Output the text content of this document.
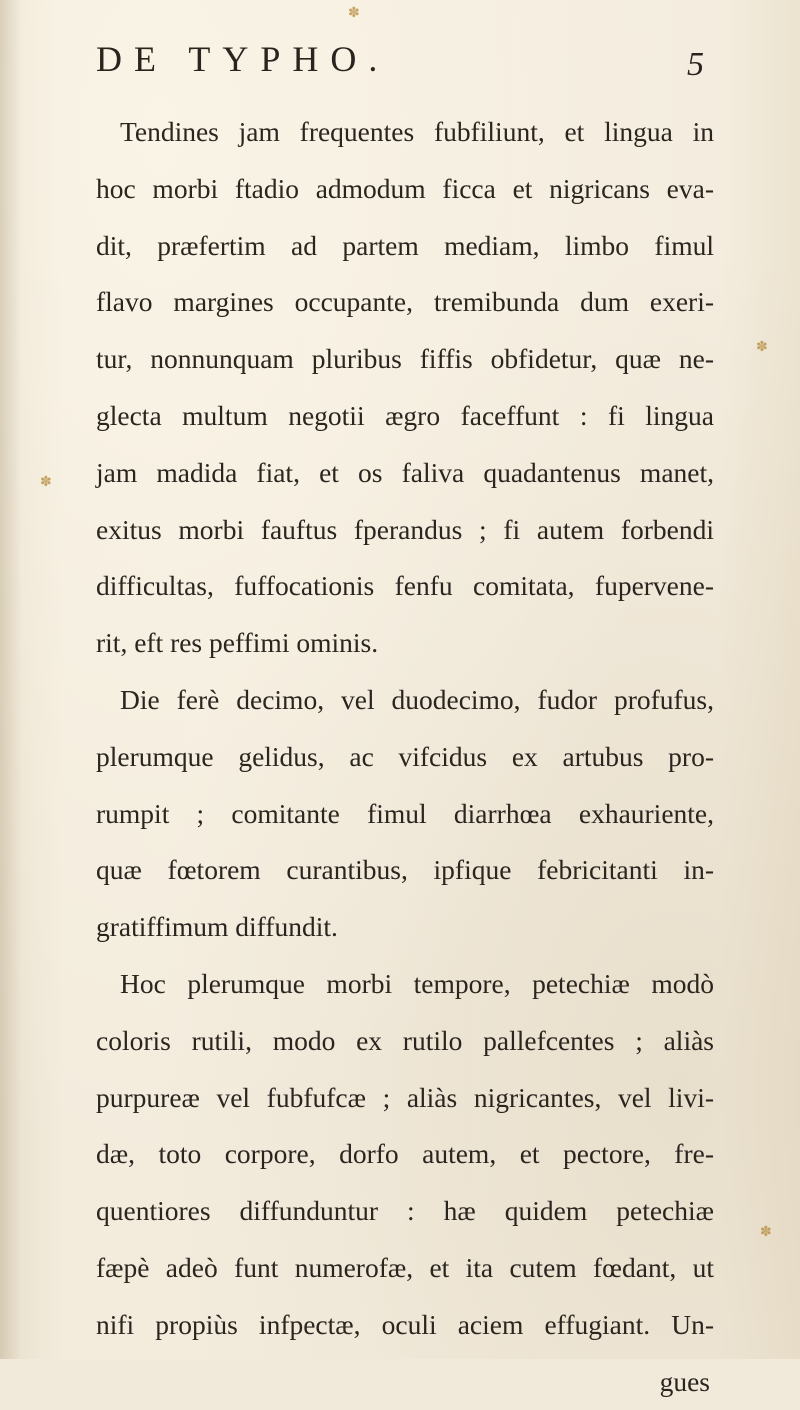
✽
✽
✽
✽
DE TYPHO.	5
Tendines jam frequentes fubfiliunt, et lingua in
hoc morbi ftadio admodum ficca et nigricans eva-
dit, præfertim ad partem mediam, limbo fimul
flavo margines occupante, tremibunda dum exeri-
tur, nonnunquam pluribus fiffis obfidetur, quæ ne-
glecta multum negotii ægro faceffunt : fi lingua
jam madida fiat, et os faliva quadantenus manet,
exitus morbi fauftus fperandus ; fi autem forbendi
difficultas, fuffocationis fenfu comitata, fupervene-
rit, eft res peffimi ominis.
Die ferè decimo, vel duodecimo, fudor profufus,
plerumque gelidus, ac vifcidus ex artubus pro-
rumpit ; comitante fimul diarrhœa exhauriente,
quæ fœtorem curantibus, ipfique febricitanti in-
gratiffimum diffundit.
Hoc plerumque morbi tempore, petechiæ modò
coloris rutili, modo ex rutilo pallefcentes ; aliàs
purpureæ vel fubfufcæ ; aliàs nigricantes, vel livi-
dæ, toto corpore, dorfo autem, et pectore, fre-
quentiores diffunduntur : hæ quidem petechiæ
fæpè adeò funt numerofæ, et ita cutem fœdant, ut
nifi propiùs infpectæ, oculi aciem effugiant. Un-
gues
